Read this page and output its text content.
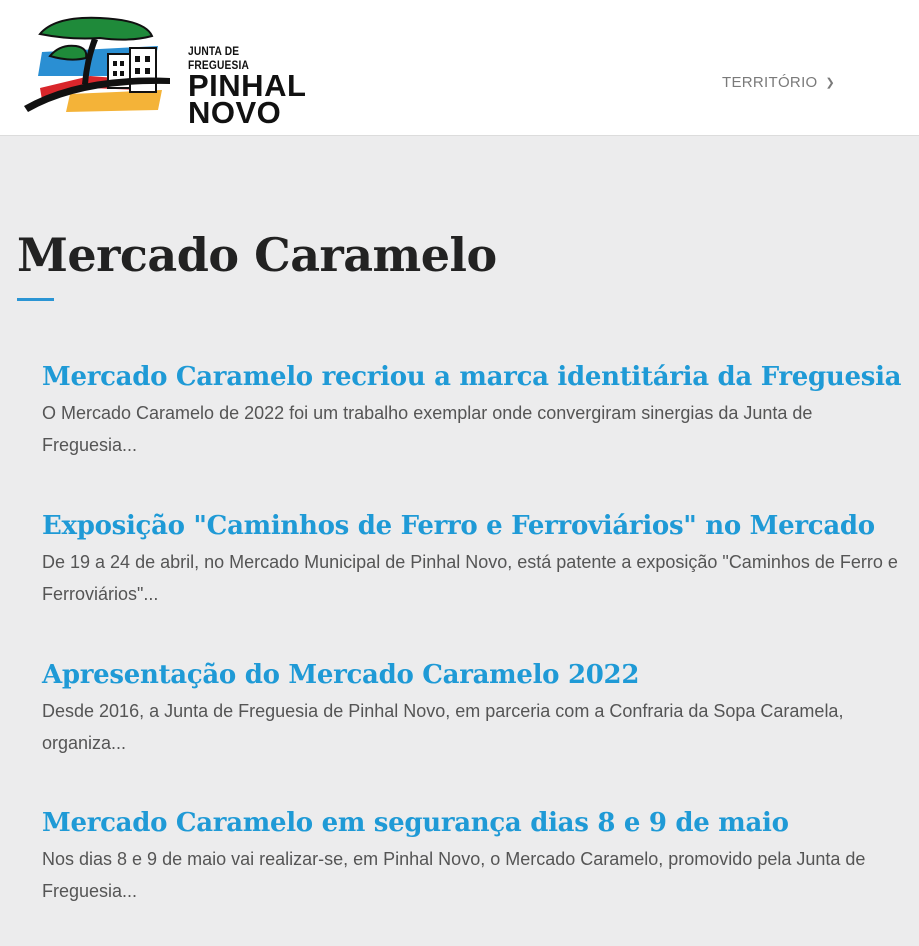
JUNTA DE FREGUESIA
PINHAL
NOVO
TERRITÓRIO ❯
Mercado Caramelo
Mercado Caramelo recriou a marca identitária da Freguesia

O Mercado Caramelo de 2022 foi um trabalho exemplar onde convergiram sinergias da Junta de Freguesia...

Exposição "Caminhos de Ferro e Ferroviários" no Mercado

De 19 a 24 de abril, no Mercado Municipal de Pinhal Novo, está patente a exposição "Caminhos de Ferro e Ferroviários"...

Apresentação do Mercado Caramelo 2022

Desde 2016, a Junta de Freguesia de Pinhal Novo, em parceria com a Confraria da Sopa Caramela, organiza...

Mercado Caramelo em segurança dias 8 e 9 de maio

Nos dias 8 e 9 de maio vai realizar-se, em Pinhal Novo, o Mercado Caramelo, promovido pela Junta de Freguesia...
